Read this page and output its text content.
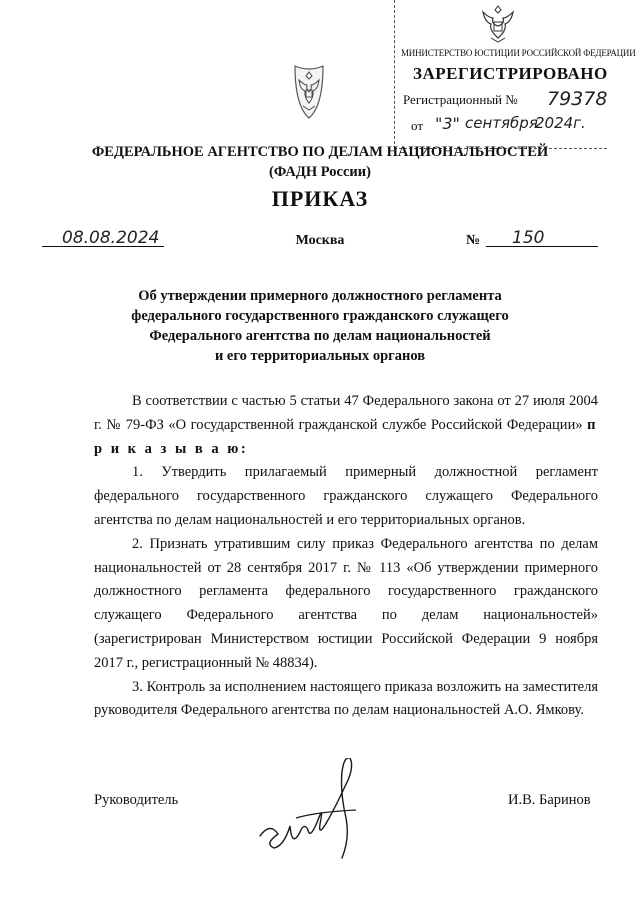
МИНИСТЕРСТВО ЮСТИЦИИ РОССИЙСКОЙ ФЕДЕРАЦИИ
ЗАРЕГИСТРИРОВАНО
Регистрационный № 79378
от "3" сентября
2024г.
ФЕДЕРАЛЬНОЕ АГЕНТСТВО ПО ДЕЛАМ НАЦИОНАЛЬНОСТЕЙ
(ФАДН России)
ПРИКАЗ
08.08.2024	Москва	№ 150
Об утверждении примерного должностного регламента
федерального государственного гражданского служащего
Федерального агентства по делам национальностей
и его территориальных органов

В соответствии с частью 5 статьи 47 Федерального закона от 27 июля 2004 г. № 79-ФЗ «О государственной гражданской службе Российской Федерации» п р и к а з ы в а ю:

1. Утвердить прилагаемый примерный должностной регламент федерального государственного гражданского служащего Федерального агентства по делам национальностей и его территориальных органов.

2. Признать утратившим силу приказ Федерального агентства по делам национальностей от 28 сентября 2017 г. № 113 «Об утверждении примерного должностного регламента федерального государственного гражданского служащего Федерального агентства по делам национальностей» (зарегистрирован Министерством юстиции Российской Федерации 9 ноября 2017 г., регистрационный № 48834).

3. Контроль за исполнением настоящего приказа возложить на заместителя руководителя Федерального агентства по делам национальностей А.О. Ямкову.

Руководитель	И.В. Баринов
